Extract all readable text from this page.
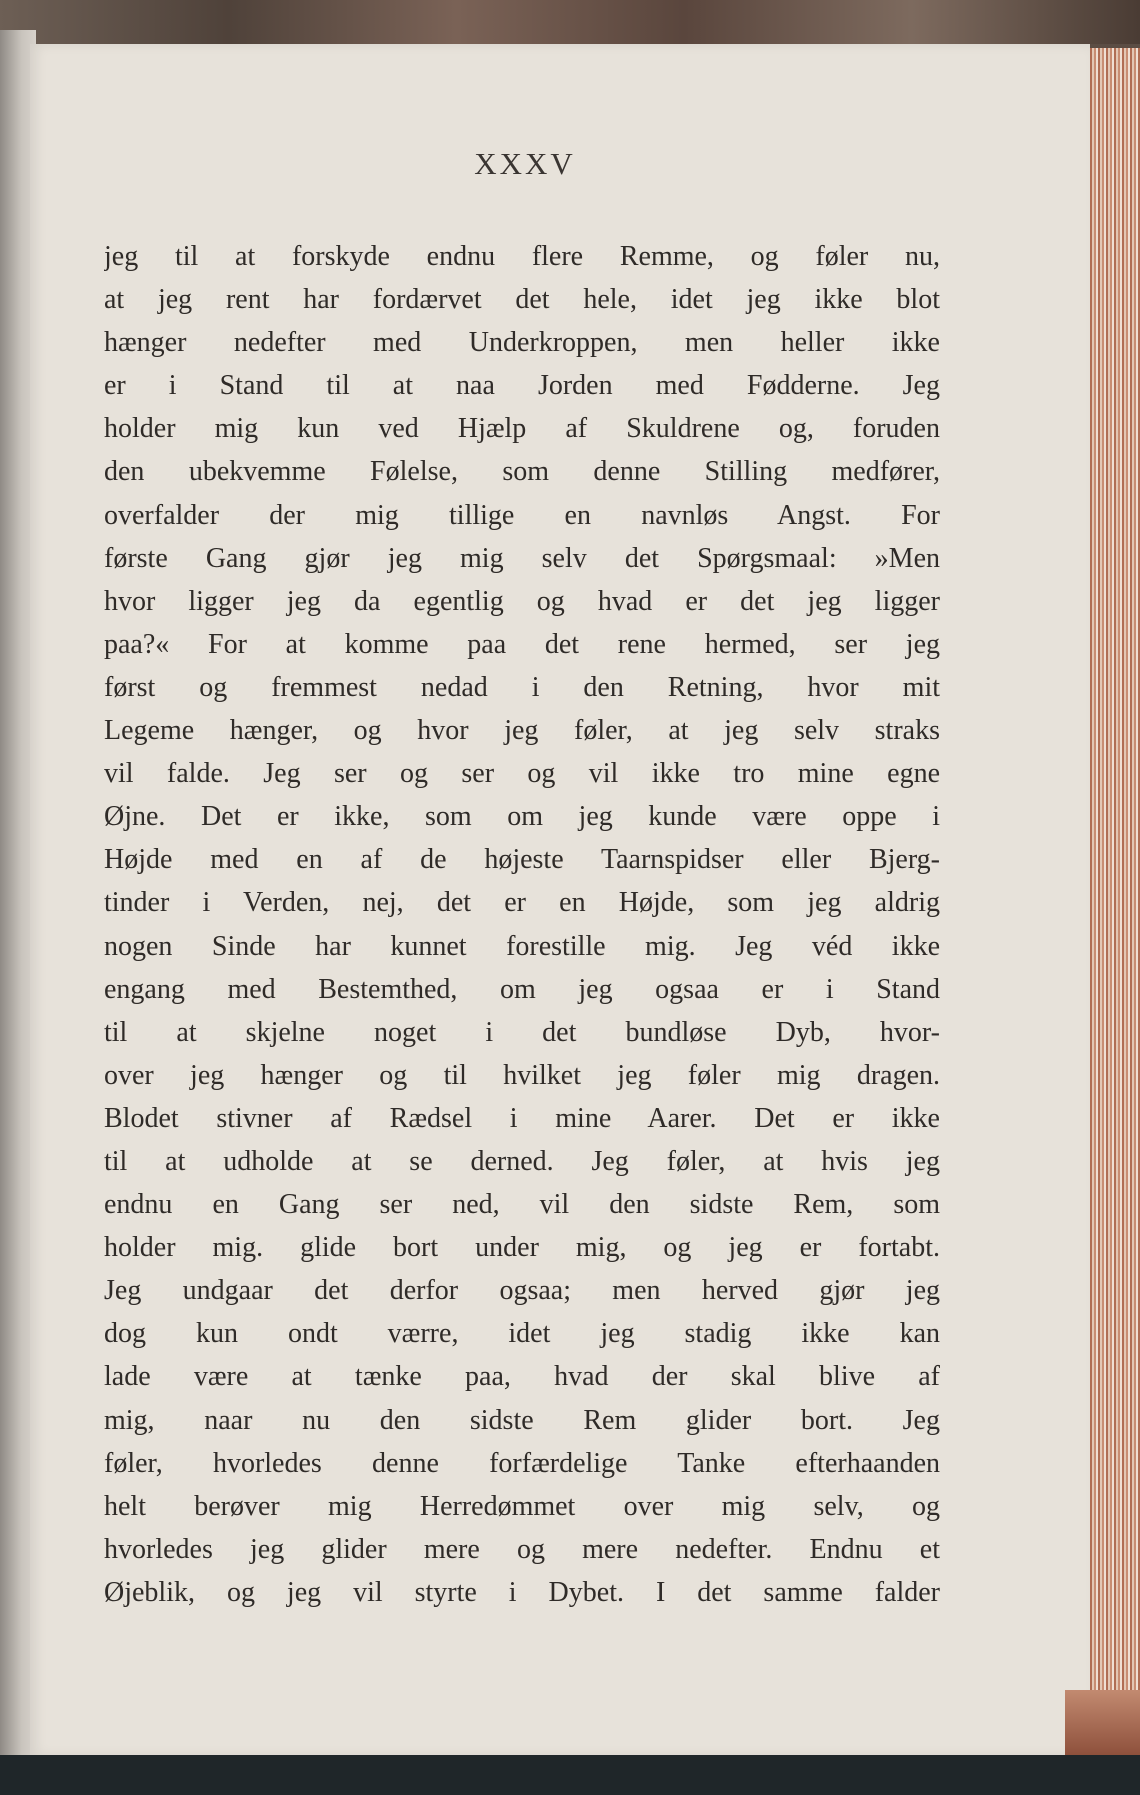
XXXV
jeg til at forskyde endnu flere Remme, og føler nu,
at jeg rent har fordærvet det hele, idet jeg ikke blot
hænger nedefter med Underkroppen, men heller ikke
er i Stand til at naa Jorden med Fødderne. Jeg
holder mig kun ved Hjælp af Skuldrene og, foruden
den ubekvemme Følelse, som denne Stilling medfører,
overfalder der mig tillige en navnløs Angst. For
første Gang gjør jeg mig selv det Spørgsmaal: »Men
hvor ligger jeg da egentlig og hvad er det jeg ligger
paa?« For at komme paa det rene hermed, ser jeg
først og fremmest nedad i den Retning, hvor mit
Legeme hænger, og hvor jeg føler, at jeg selv straks
vil falde. Jeg ser og ser og vil ikke tro mine egne
Øjne. Det er ikke, som om jeg kunde være oppe i
Højde med en af de højeste Taarnspidser eller Bjerg-
tinder i Verden, nej, det er en Højde, som jeg aldrig
nogen Sinde har kunnet forestille mig. Jeg véd ikke
engang med Bestemthed, om jeg ogsaa er i Stand
til at skjelne noget i det bundløse Dyb, hvor-
over jeg hænger og til hvilket jeg føler mig dragen.
Blodet stivner af Rædsel i mine Aarer. Det er ikke
til at udholde at se derned. Jeg føler, at hvis jeg
endnu en Gang ser ned, vil den sidste Rem, som
holder mig. glide bort under mig, og jeg er fortabt.
Jeg undgaar det derfor ogsaa; men herved gjør jeg
dog kun ondt værre, idet jeg stadig ikke kan
lade være at tænke paa, hvad der skal blive af
mig, naar nu den sidste Rem glider bort. Jeg
føler, hvorledes denne forfærdelige Tanke efterhaanden
helt berøver mig Herredømmet over mig selv, og
hvorledes jeg glider mere og mere nedefter. Endnu et
Øjeblik, og jeg vil styrte i Dybet. I det samme falder
